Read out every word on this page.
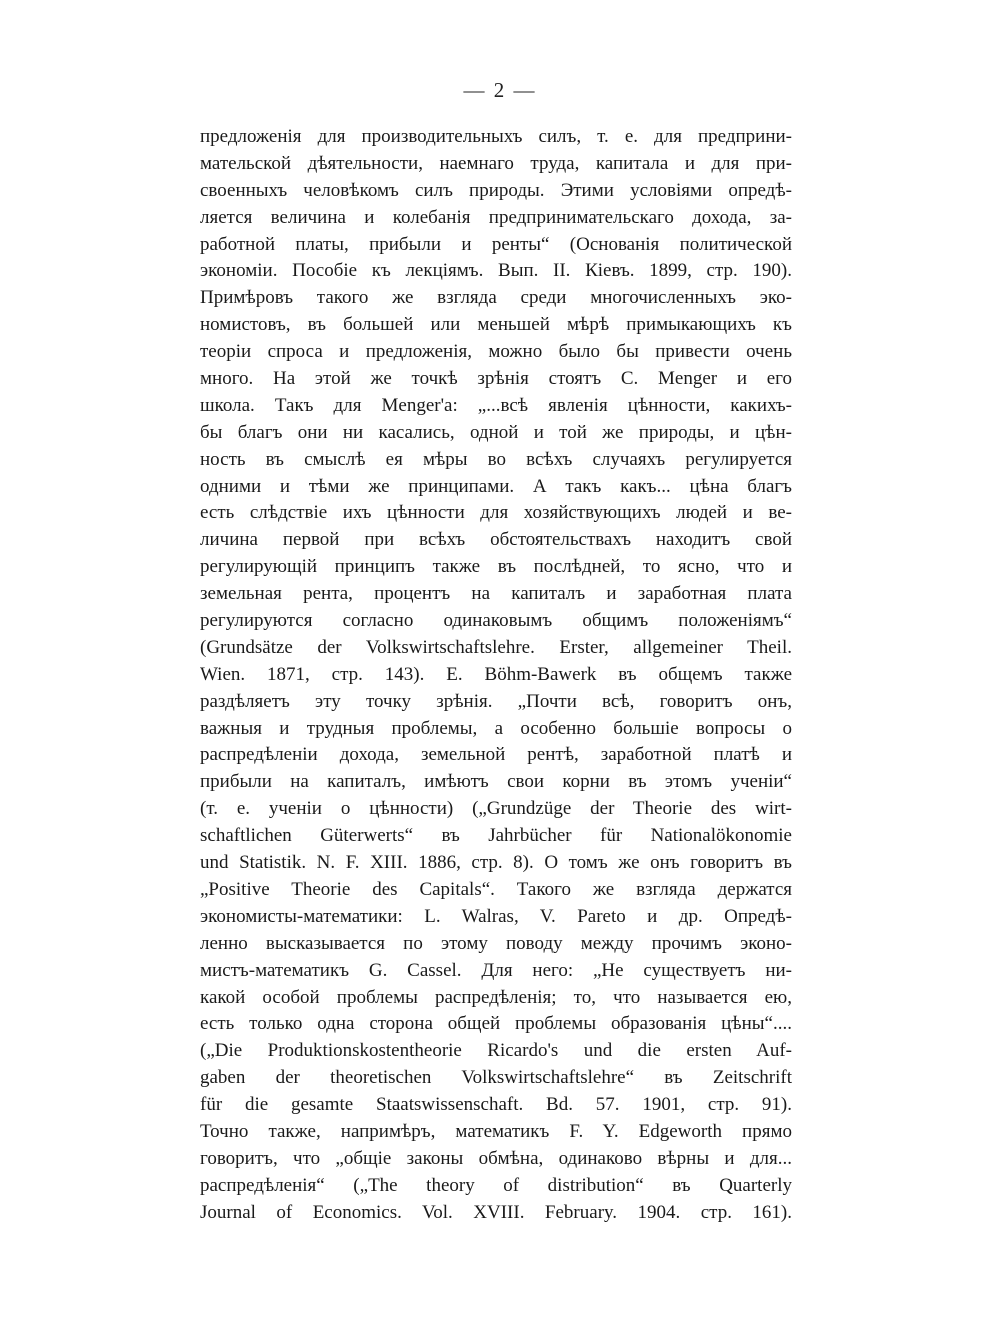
— 2 —
предложенія для производительныхъ силъ, т. е. для предприни-
мательской дѣятельности, наемнаго труда, капитала и для при-
своенныхъ человѣкомъ силъ природы. Этими условіями опредѣ-
ляется величина и колебанія предпринимательскаго дохода, за-
работной платы, прибыли и ренты“ (Основанія политической
экономіи. Пособіе къ лекціямъ. Вып. II. Кіевъ. 1899, стр. 190).
Примѣровъ такого же взгляда среди многочисленныхъ эко-
номистовъ, въ большей или меньшей мѣрѣ примыкающихъ къ
теоріи спроса и предложенія, можно было бы привести очень
много. На этой же точкѣ зрѣнія стоятъ C. Menger и его
школа. Такъ для Menger'a: „...всѣ явленія цѣнности, какихъ-
бы благъ они ни касались, одной и той же природы, и цѣн-
ность въ смыслѣ ея мѣры во всѣхъ случаяхъ регулируется
одними и тѣми же принципами. А такъ какъ... цѣна благъ
есть слѣдствіе ихъ цѣнности для хозяйствующихъ людей и ве-
личина первой при всѣхъ обстоятельствахъ находитъ свой
регулирующій принципъ также въ послѣдней, то ясно, что и
земельная рента, процентъ на капиталъ и заработная плата
регулируются согласно одинаковымъ общимъ положеніямъ“
(Grundsätze der Volkswirtschaftslehre. Erster, allgemeiner Theil.
Wien. 1871, стр. 143). E. Böhm-Bawerk въ общемъ также
раздѣляетъ эту точку зрѣнія. „Почти всѣ, говоритъ онъ,
важныя и трудныя проблемы, а особенно большіе вопросы о
распредѣленіи дохода, земельной рентѣ, заработной платѣ и
прибыли на капиталъ, имѣютъ свои корни въ этомъ ученіи“
(т. е. ученіи о цѣнности) („Grundzüge der Theorie des wirt-
schaftlichen Güterwerts“ въ Jahrbücher für Nationalökonomie
und Statistik. N. F. XIII. 1886, стр. 8). О томъ же онъ говоритъ въ
„Positive Theorie des Capitals“. Такого же взгляда держатся
экономисты-математики: L. Walras, V. Pareto и др. Опредѣ-
ленно высказывается по этому поводу между прочимъ эконо-
мистъ-математикъ G. Cassel. Для него: „Не существуетъ ни-
какой особой проблемы распредѣленія; то, что называется ею,
есть только одна сторона общей проблемы образованія цѣны“....
(„Die Produktionskostentheorie Ricardo's und die ersten Auf-
gaben der theoretischen Volkswirtschaftslehre“ въ Zeitschrift
für die gesamte Staatswissenschaft. Bd. 57. 1901, стр. 91).
Точно также, напримѣръ, математикъ F. Y. Edgeworth прямо
говоритъ, что „общіе законы обмѣна, одинаково вѣрны и для...
распредѣленія“ („The theory of distribution“ въ Quarterly
Journal of Economics. Vol. XVIII. February. 1904. стр. 161).
